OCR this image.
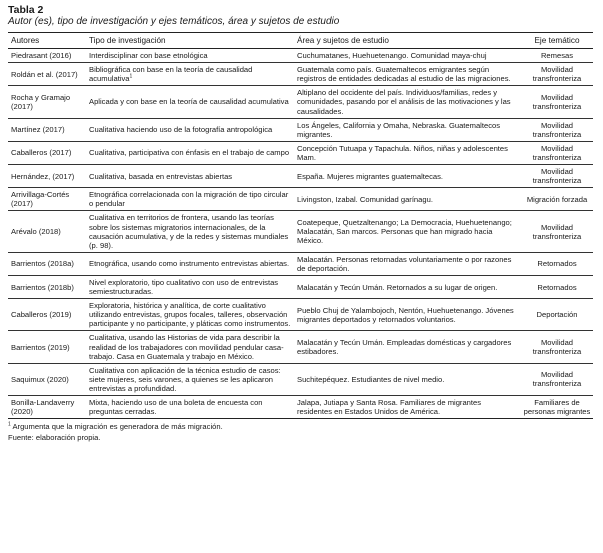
Tabla 2
Autor (es), tipo de investigación y ejes temáticos, área y sujetos de estudio
Autores	Tipo de investigación	Área y sujetos de estudio	Eje temático
Piedrasant (2016)	Interdisciplinar con base etnológica	Cuchumatanes, Huehuetenango. Comunidad maya-chuj	Remesas
Roldán et al. (2017)	Bibliográfica con base en la teoría de causalidad acumulativa$^1$	Guatemala como país. Guatemaltecos emigrantes según registros de entidades dedicadas al estudio de las migraciones.	Movilidad transfronteriza
Rocha y Gramajo (2017)	Aplicada y con base en la teoría de causalidad acumulativa	Altiplano del occidente del país. Individuos/familias, redes y comunidades, pasando por el análisis de las motivaciones y las causalidades.	Movilidad transfronteriza
Martínez (2017)	Cualitativa haciendo uso de la fotografía antropológica	Los Ángeles, California y Omaha, Nebraska. Guatemaltecos migrantes.	Movilidad transfronteriza
Caballeros (2017)	Cualitativa, participativa con énfasis en el trabajo de campo	Concepción Tutuapa y Tapachula. Niños, niñas y adolescentes Mam.	Movilidad transfronteriza
Hernández, (2017)	Cualitativa, basada en entrevistas abiertas	España. Mujeres migrantes guatemaltecas.	Movilidad transfronteriza
Arrivillaga-Cortés (2017)	Etnográfica correlacionada con la migración de tipo circular o pendular	Livingston, Izabal. Comunidad garínagu.	Migración forzada
Arévalo (2018)	Cualitativa en territorios de frontera, usando las teorías sobre los sistemas migratorios internacionales, de la causación acumulativa, y de la redes y sistemas mundiales (p. 98).	Coatepeque, Quetzaltenango; La Democracia, Huehuetenango; Malacatán, San marcos. Personas que han migrado hacia México.	Movilidad transfronteriza
Barrientos (2018a)	Etnográfica, usando como instrumento entrevistas abiertas.	Malacatán. Personas retornadas voluntariamente o por razones de deportación.	Retornados
Barrientos (2018b)	Nivel exploratorio, tipo cualitativo con uso de entrevistas semiestructuradas.	Malacatán y Tecún Umán. Retornados a su lugar de origen.	Retornados
Caballeros (2019)	Exploratoria, histórica y analítica, de corte cualitativo utilizando entrevistas, grupos focales, talleres, observación participante y no participante, y pláticas como instrumentos.	Pueblo Chuj de Yalambojoch, Nentón, Huehuetenango. Jóvenes migrantes deportados y retornados voluntarios.	Deportación
Barrientos (2019)	Cualitativa, usando las Historias de vida para describir la realidad de los trabajadores con movilidad pendular casa-trabajo. Casa en Guatemala y trabajo en México.	Malacatán y Tecún Umán. Empleadas domésticas y cargadores estibadores.	Movilidad transfronteriza
Saquimux (2020)	Cualitativa con aplicación de la técnica estudio de casos: siete mujeres, seis varones, a quienes se les aplicaron entrevistas a profundidad.	Suchitepéquez. Estudiantes de nivel medio.	Movilidad transfronteriza
Bonilla-Landaverry (2020)	Mixta, haciendo uso de una boleta de encuesta con preguntas cerradas.	Jalapa, Jutiapa y Santa Rosa. Familiares de migrantes residentes en Estados Unidos de América.	Familiares de personas migrantes
$^1$ Argumenta que la migración es generadora de más migración.
Fuente: elaboración propia.
